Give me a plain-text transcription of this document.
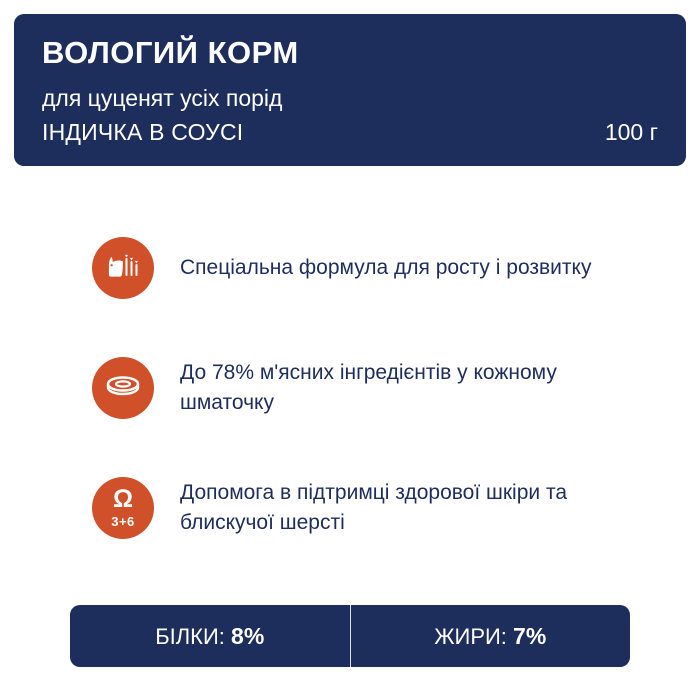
ВОЛОГИЙ КОРМ
для цуценят усіх порід
ІНДИЧКА В СОУСІ	100 г
Спеціальна формула для росту і розвитку
До 78% м'ясних інгредієнтів у кожному шматочку
Ω
3+6
Допомога в підтримці здорової шкіри та блискучої шерсті
БІЛКИ: 8%	ЖИРИ: 7%
